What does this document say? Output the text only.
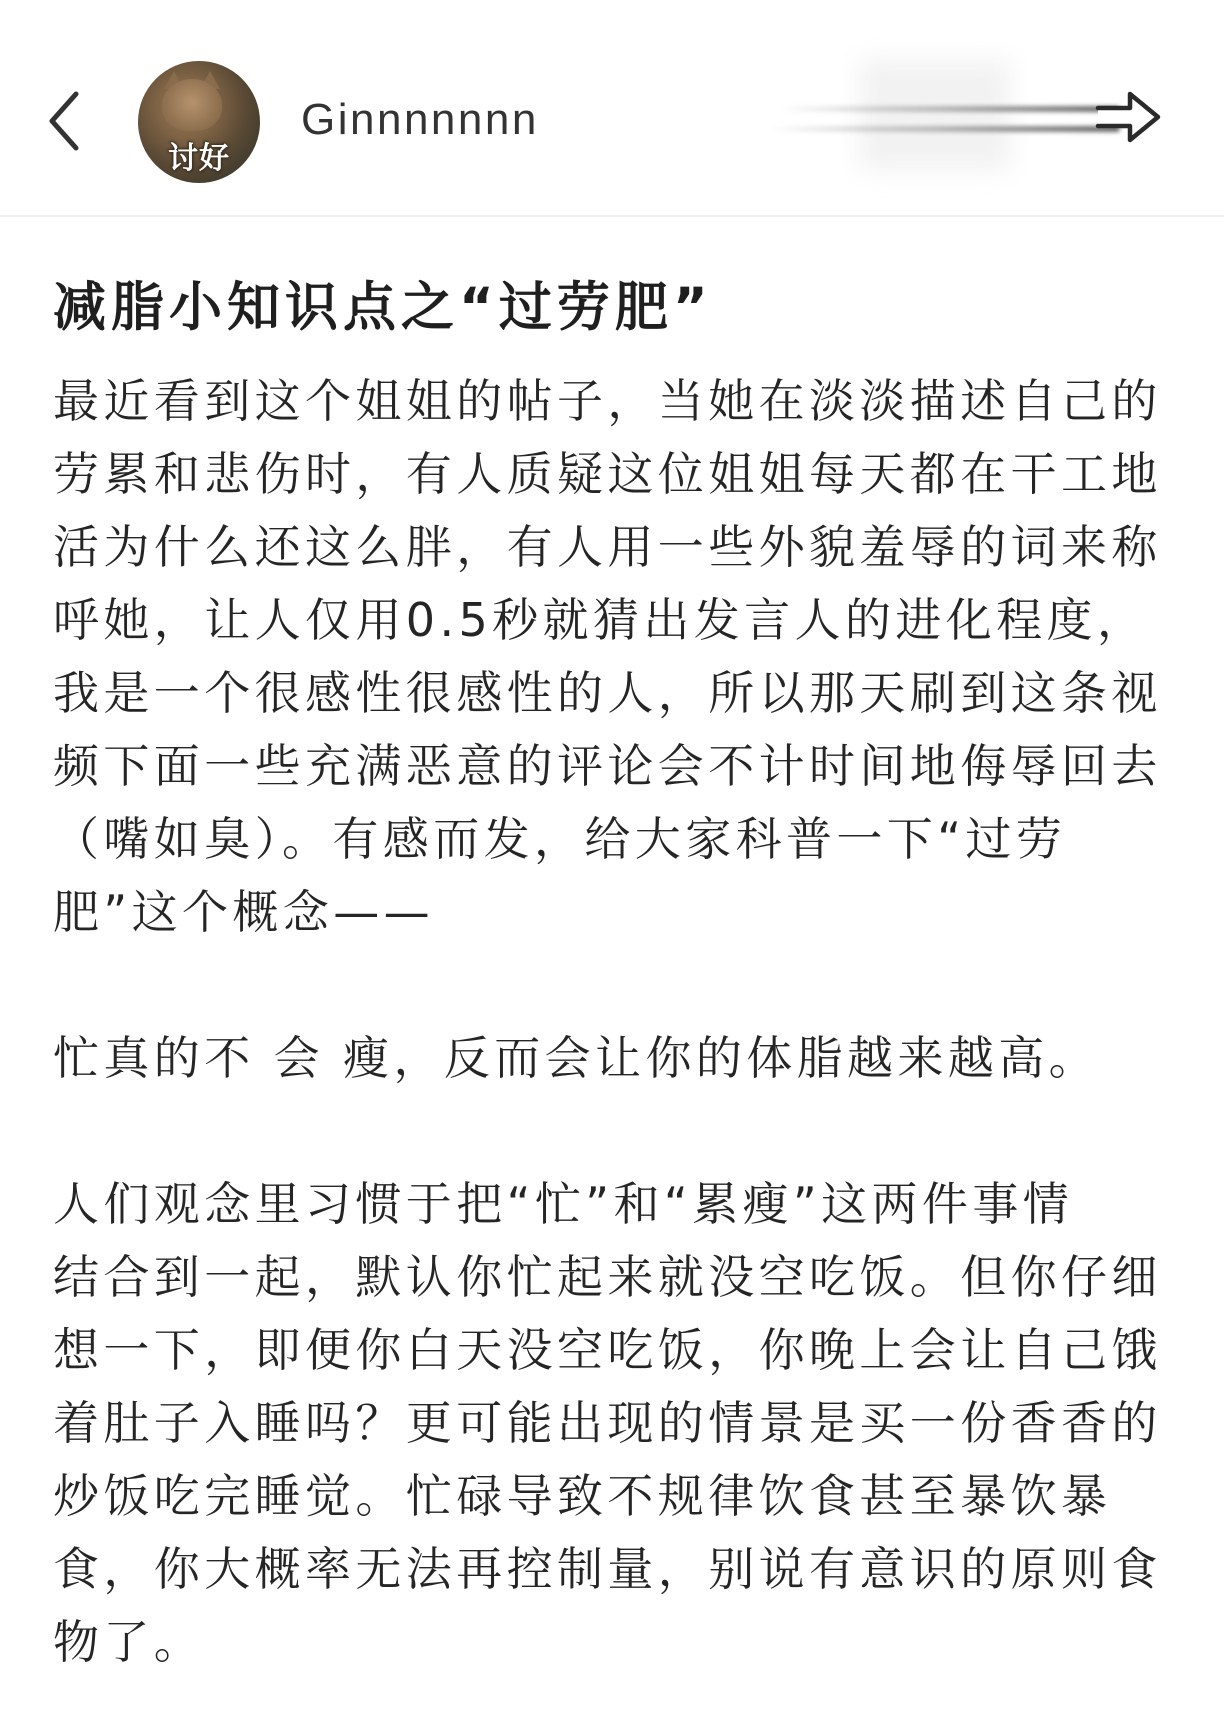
讨好
Ginnnnnnn
减脂小知识点之“过劳肥”
最近看到这个姐姐的帖子，当她在淡淡描述自己的
劳累和悲伤时，有人质疑这位姐姐每天都在干工地
活为什么还这么胖，有人用一些外貌羞辱的词来称
呼她，让人仅用0.5秒就猜出发言人的进化程度，
我是一个很感性很感性的人，所以那天刷到这条视
频下面一些充满恶意的评论会不计时间地侮辱回去
（嘴如臭）。有感而发，给大家科普一下“过劳
肥”这个概念——
忙真的不 会 瘦，反而会让你的体脂越来越高。
人们观念里习惯于把“忙”和“累瘦”这两件事情
结合到一起，默认你忙起来就没空吃饭。但你仔细
想一下，即便你白天没空吃饭，你晚上会让自己饿
着肚子入睡吗？更可能出现的情景是买一份香香的
炒饭吃完睡觉。忙碌导致不规律饮食甚至暴饮暴
食，你大概率无法再控制量，别说有意识的原则食
物了。
